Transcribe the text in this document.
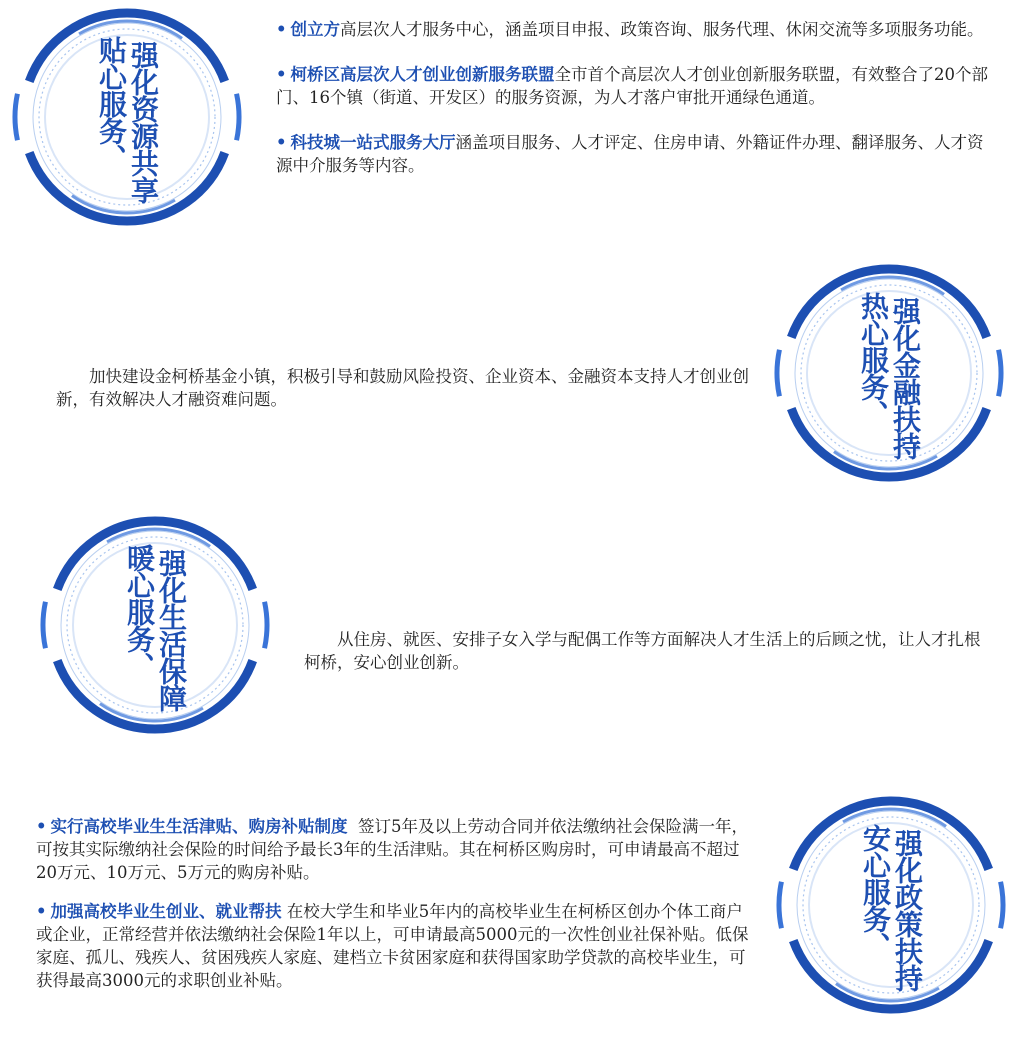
强化资源共享
贴心服务、

• 创立方高层次人才服务中心，涵盖项目申报、政策咨询、服务代理、休闲交流等多项服务功能。

• 柯桥区高层次人才创业创新服务联盟全市首个高层次人才创业创新服务联盟，有效整合了20个部门、16个镇（街道、开发区）的服务资源，为人才落户审批开通绿色通道。

• 科技城一站式服务大厅涵盖项目服务、人才评定、住房申请、外籍证件办理、翻译服务、人才资源中介服务等内容。

加快建设金柯桥基金小镇，积极引导和鼓励风险投资、企业资本、金融资本支持人才创业创新，有效解决人才融资难问题。	强化金融扶持
热心服务、
强化生活保障
暖心服务、	从住房、就医、安排子女入学与配偶工作等方面解决人才生活上的后顾之忧，让人才扎根柯桥，安心创业创新。

• 实行高校毕业生生活津贴、购房补贴制度 签订5年及以上劳动合同并依法缴纳社会保险满一年，可按其实际缴纳社会保险的时间给予最长3年的生活津贴。其在柯桥区购房时，可申请最高不超过20万元、10万元、5万元的购房补贴。

• 加强高校毕业生创业、就业帮扶 在校大学生和毕业5年内的高校毕业生在柯桥区创办个体工商户或企业，正常经营并依法缴纳社会保险1年以上，可申请最高5000元的一次性创业社保补贴。低保家庭、孤儿、残疾人、贫困残疾人家庭、建档立卡贫困家庭和获得国家助学贷款的高校毕业生，可获得最高3000元的求职创业补贴。	强化政策扶持
安心服务、
